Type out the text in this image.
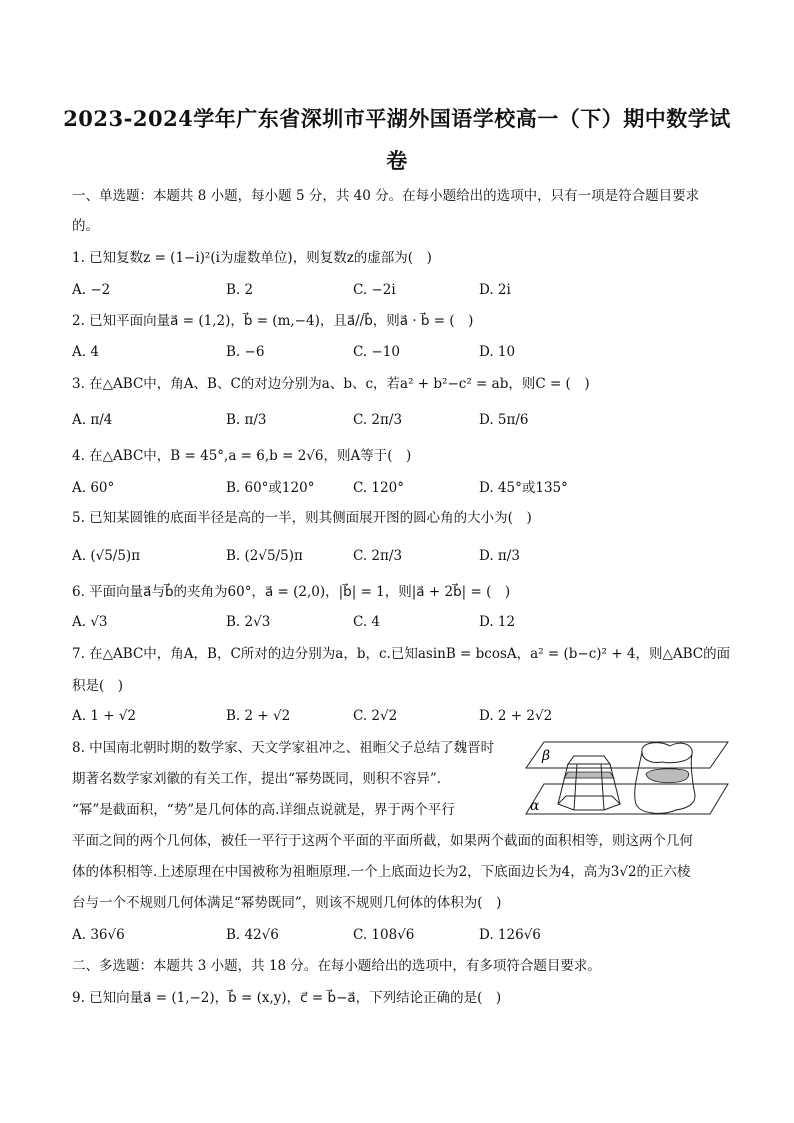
2023-2024学年广东省深圳市平湖外国语学校高一（下）期中数学试
卷
一、单选题：本题共 8 小题，每小题 5 分，共 40 分。在每小题给出的选项中，只有一项是符合题目要求
的。
1. 已知复数z = (1−i)²(i为虚数单位)，则复数z的虚部为(　)
A. −2	B. 2	C. −2i	D. 2i
2. 已知平面向量a⃗ = (1,2)，b⃗ = (m,−4)，且a⃗//b⃗，则a⃗ · b⃗ = (　)
A. 4	B. −6	C. −10	D. 10
3. 在△ABC中，角A、B、C的对边分别为a、b、c，若a² + b²−c² = ab，则C = (　)
A. π/4	B. π/3	C. 2π/3	D. 5π/6
4. 在△ABC中，B = 45°,a = 6,b = 2√6，则A等于(　)
A. 60°	B. 60°或120°	C. 120°	D. 45°或135°
5. 已知某圆锥的底面半径是高的一半，则其侧面展开图的圆心角的大小为(　)
A. (√5/5)π	B. (2√5/5)π	C. 2π/3	D. π/3
6. 平面向量a⃗与b⃗的夹角为60°，a⃗ = (2,0)，|b⃗| = 1，则|a⃗ + 2b⃗| = (　)
A. √3	B. 2√3	C. 4	D. 12
7. 在△ABC中，角A，B，C所对的边分别为a，b，c.已知asinB = bcosA，a² = (b−c)² + 4，则△ABC的面
积是(　)
A. 1 + √2	B. 2 + √2	C. 2√2	D. 2 + 2√2
8. 中国南北朝时期的数学家、天文学家祖冲之、祖暅父子总结了魏晋时
期著名数学家刘徽的有关工作，提出“幂势既同，则积不容异”．
“幂”是截面积，“势”是几何体的高.详细点说就是，界于两个平行
平面之间的两个几何体，被任一平行于这两个平面的平面所截，如果两个截面的面积相等，则这两个几何
体的体积相等.上述原理在中国被称为祖暅原理.一个上底面边长为2，下底面边长为4，高为3√2的正六棱
台与一个不规则几何体满足“幂势既同”，则该不规则几何体的体积为(　)
A. 36√6	B. 42√6	C. 108√6	D. 126√6
β
α
二、多选题：本题共 3 小题，共 18 分。在每小题给出的选项中，有多项符合题目要求。
9. 已知向量a⃗ = (1,−2)，b⃗ = (x,y)，c⃗ = b⃗−a⃗，下列结论正确的是(　)
